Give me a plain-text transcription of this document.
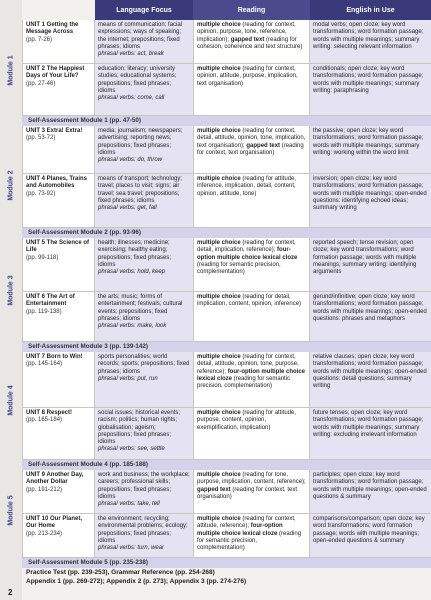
Module 1
Module 2
Module 3
Module 4
Module 5
Language Focus	Reading	English in Use
UNIT 1 Getting the Message Across
(pp. 7-26)
means of communication; facial expressions; ways of speaking; the internet; prepositions; fixed phrases; idioms
phrasal verbs: act, break
multiple choice (reading for context, opinion, purpose, tone, reference, implication); gapped text (reading for cohesion, coherence and text structure)
modal verbs; open cloze; key word transformations; word formation passage; words with multiple meanings; summary writing: selecting relevant information
UNIT 2 The Happiest Days of Your Life?
(pp. 27-46)
education; literacy; university studies; educational systems; prepositions; fixed phrases; idioms
phrasal verbs: come, call
multiple choice (reading for context, opinion, attitude, purpose, implication, text organisation)
conditionals; open cloze; key word transformations; word formation passage; words with multiple meanings; summary writing: paraphrasing
Self-Assessment Module 1 (pp. 47-50)
UNIT 3 Extra! Extra!
(pp. 53-72)
media; journalism; newspapers; advertising; reporting news; prepositions; fixed phrases; idioms
phrasal verbs: do, throw
multiple choice (reading for context, detail, attitude, opinion, tone, implication, text organisation); gapped text (reading for context, text organisation)
the passive; open cloze; key word transformations; word formation passage; words with multiple meanings; summary writing: working within the word limit
UNIT 4 Planes, Trains and Automobiles
(pp. 73-92)
means of transport; technology; travel; places to visit; signs; air travel; sea travel; prepositions; fixed phrases; idioms
phrasal verbs: get, fall
multiple choice (reading for attitude, inference, implication, detail, content, opinion, attitude, tone)
inversion; open cloze; key word transformations; word formation passage; words with multiple meanings; open-ended questions: identifying echoed ideas; summary writing
Self-Assessment Module 2 (pp. 93-96)
UNIT 5 The Science of Life
(pp. 99-118)
health; illnesses; medicine; exercising; healthy eating; prepositions; fixed phrases; idioms
phrasal verbs: hold, keep
multiple choice (reading for context, detail, implication, reference); four-option multiple choice lexical cloze (reading for semantic precision, complementation)
reported speech; tense revision; open cloze; key word transformations; word formation passage; words with multiple meanings; summary writing: identifying arguments
UNIT 6 The Art of Entertainment
(pp. 119-138)
the arts; music; forms of entertainment; festivals; cultural events; prepositions; fixed phrases; idioms
phrasal verbs: make, look
multiple choice (reading for detail, implication, content, opinion, inference)
gerund/infinitive; open cloze; key word transformations; word formation passage; words with multiple meanings; open-ended questions: phrases and metaphors
Self-Assessment Module 3 (pp. 139-142)
UNIT 7 Born to Win!
(pp. 145-164)
sports personalities; world records; sports; prepositions; fixed phrases; idioms
phrasal verbs: put, run
multiple choice (reading for context, detail, attitude, opinion, tone, purpose, reference); four-option multiple choice lexical cloze (reading for semantic precision, complementation)
relative clauses; open cloze; key word transformations; word formation passage; words with multiple meanings; open-ended questions: detail questions; summary writing
UNIT 8 Respect!
(pp. 165-184)
social issues; historical events; racism; politics; human rights; globalisation; ageism; prepositions; fixed phrases; idioms
phrasal verbs: see, settle
multiple choice (reading for attitude, purpose, content, opinion, exemplification, implication)
future tenses; open cloze; key word transformations; word formation passage; words with multiple meanings; summary writing: excluding irrelevant information
Self-Assessment Module 4 (pp. 185-188)
UNIT 9 Another Day, Another Dollar
(pp. 191-212)
work and business; the workplace; careers; professional skills; prepositions; fixed phrases; idioms
phrasal verbs: take, tell
multiple choice (reading for tone, purpose, implication, content, reference); gapped text (reading for context, text organisation)
participles; open cloze; key word transformations; word formation passage; words with multiple meanings; open-ended questions & summary
UNIT 10 Our Planet, Our Home
(pp. 213-234)
the environment; recycling; environmental problems; ecology; prepositions; fixed phrases; idioms
phrasal verbs: turn, wear
multiple choice (reading for context, attitude, reference); four-option multiple choice lexical cloze (reading for semantic precision, complementation)
comparisons/comparison; open cloze; key word transformations; word formation passage; words with multiple meanings; open-ended questions & summary
Self-Assessment Module 5 (pp. 235-238)
Practice Test (pp. 239-253), Grammar Reference (pp. 254-268)
Appendix 1 (pp. 269-272); Appendix 2 (p. 273); Appendix 3 (pp. 274-276)
2
